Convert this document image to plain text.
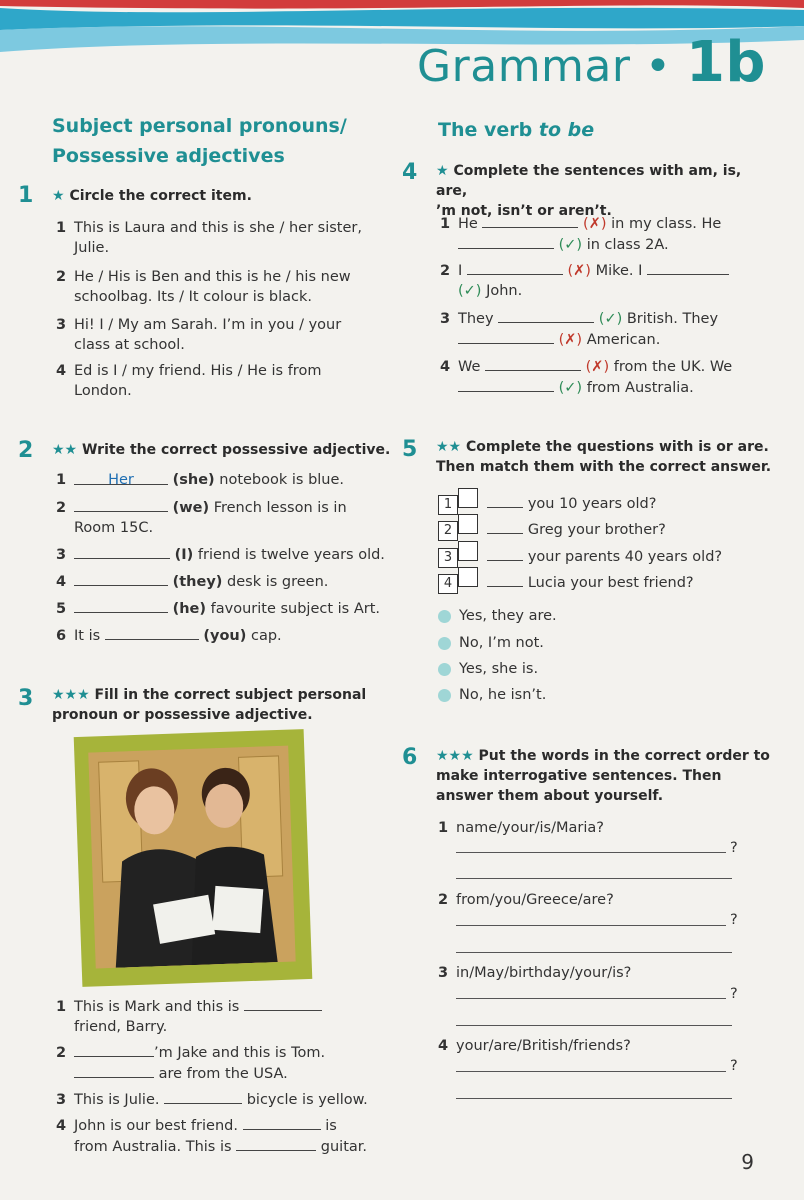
Grammar • 1b
Subject personal pronouns/
Possessive adjectives
1 ★ Circle the correct item.
1 This is Laura and this is she / her sister,
Julie.
2 He / His is Ben and this is he / his new
schoolbag. Its / It colour is black.
3 Hi! I / My am Sarah. I’m in you / your
class at school.
4 Ed is I / my friend. His / He is from
London.
2 ★★ Write the correct possessive adjective.
1	Her	(she) notebook is blue.
2	(we) French lesson is in
Room 15C.
3	(I) friend is twelve years old.
4	(they) desk is green.
5	(he) favourite subject is Art.
6 It is	(you) cap.
3 ★★★ Fill in the correct subject personal
pronoun or possessive adjective.
1 This is Mark and this is
friend, Barry.
2	’m Jake and this is Tom.
are from the USA.
3 This is Julie.	bicycle is yellow.
4 John is our best friend.	is
from Australia. This is	guitar.
The verb to be
4 ★ Complete the sentences with am, is, are,
’m not, isn’t or aren’t.
1 He	(✗) in my class. He
(✓) in class 2A.
2 I	(✗) Mike. I
(✓) John.
3 They	(✓) British. They
(✗) American.
4 We	(✗) from the UK. We
(✓) from Australia.
5 ★★ Complete the questions with is or are.
Then match them with the correct answer.
1	you 10 years old?
2	Greg your brother?
3	your parents 40 years old?
4	Lucia your best friend?
Yes, they are.
No, I’m not.
Yes, she is.
No, he isn’t.
6 ★★★ Put the words in the correct order to
make interrogative sentences. Then
answer them about yourself.
1 name/your/is/Maria?
?
2 from/you/Greece/are?
?
3 in/May/birthday/your/is?
?
4 your/are/British/friends?
?
9
